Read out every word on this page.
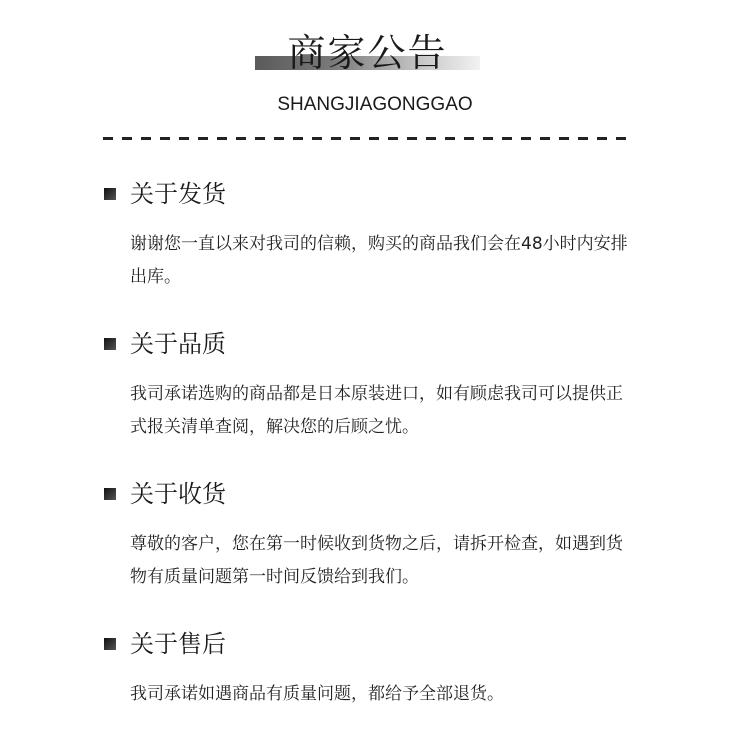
商家公告
SHANGJIAGONGGAO
关于发货

谢谢您一直以来对我司的信赖，购买的商品我们会在48小时内安排出库。

关于品质

我司承诺选购的商品都是日本原装进口，如有顾虑我司可以提供正式报关清单查阅，解决您的后顾之忧。

关于收货

尊敬的客户，您在第一时候收到货物之后，请拆开检查，如遇到货物有质量问题第一时间反馈给到我们。

关于售后

我司承诺如遇商品有质量问题，都给予全部退货。
